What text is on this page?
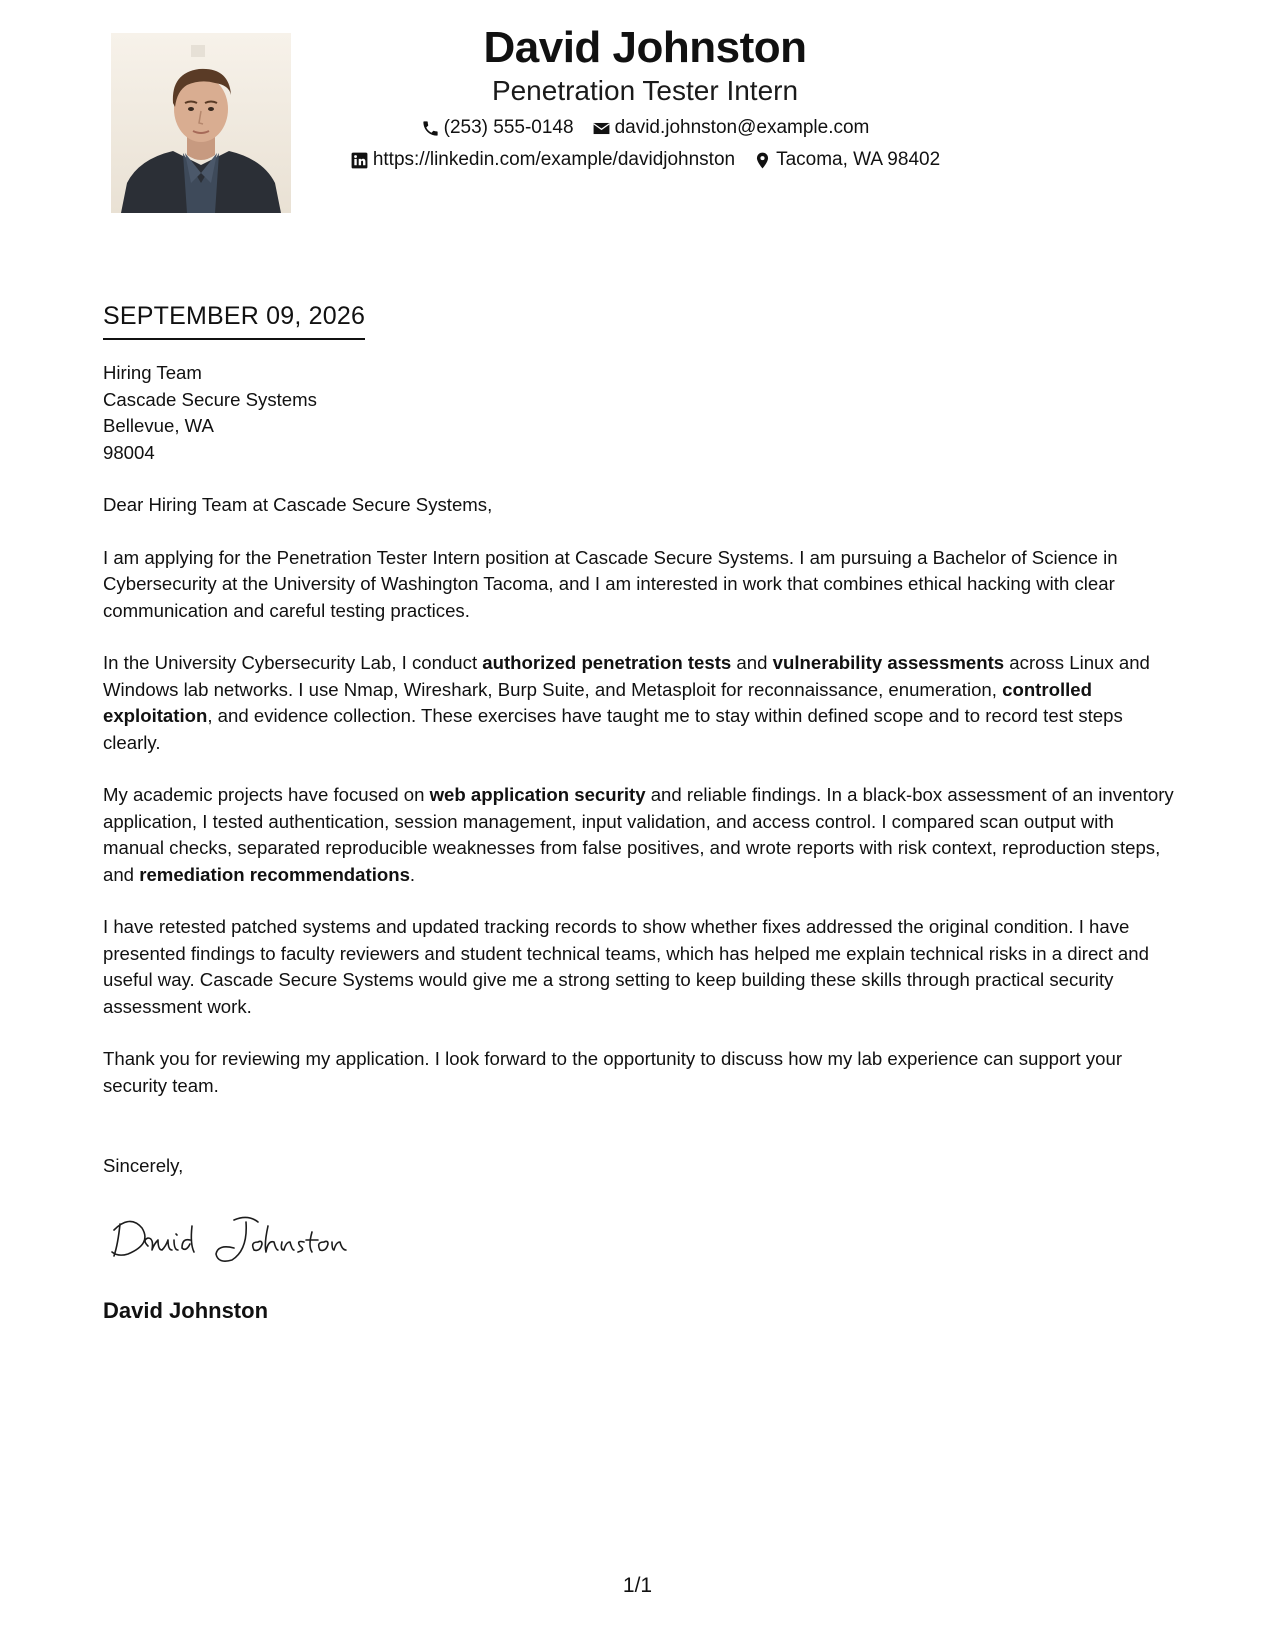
David Johnston
Penetration Tester Intern
(253) 555-0148 david.johnston@example.com
https://linkedin.com/example/davidjohnston Tacoma, WA 98402
SEPTEMBER 09, 2026
Hiring Team
Cascade Secure Systems
Bellevue, WA
98004
Dear Hiring Team at Cascade Secure Systems,
I am applying for the Penetration Tester Intern position at Cascade Secure Systems. I am pursuing a Bachelor of Science in Cybersecurity at the University of Washington Tacoma, and I am interested in work that combines ethical hacking with clear communication and careful testing practices.
In the University Cybersecurity Lab, I conduct authorized penetration tests and vulnerability assessments across Linux and Windows lab networks. I use Nmap, Wireshark, Burp Suite, and Metasploit for reconnaissance, enumeration, controlled exploitation, and evidence collection. These exercises have taught me to stay within defined scope and to record test steps clearly.
My academic projects have focused on web application security and reliable findings. In a black-box assessment of an inventory application, I tested authentication, session management, input validation, and access control. I compared scan output with manual checks, separated reproducible weaknesses from false positives, and wrote reports with risk context, reproduction steps, and remediation recommendations.
I have retested patched systems and updated tracking records to show whether fixes addressed the original condition. I have presented findings to faculty reviewers and student technical teams, which has helped me explain technical risks in a direct and useful way. Cascade Secure Systems would give me a strong setting to keep building these skills through practical security assessment work.
Thank you for reviewing my application. I look forward to the opportunity to discuss how my lab experience can support your security team.
Sincerely,
David Johnston
1/1
